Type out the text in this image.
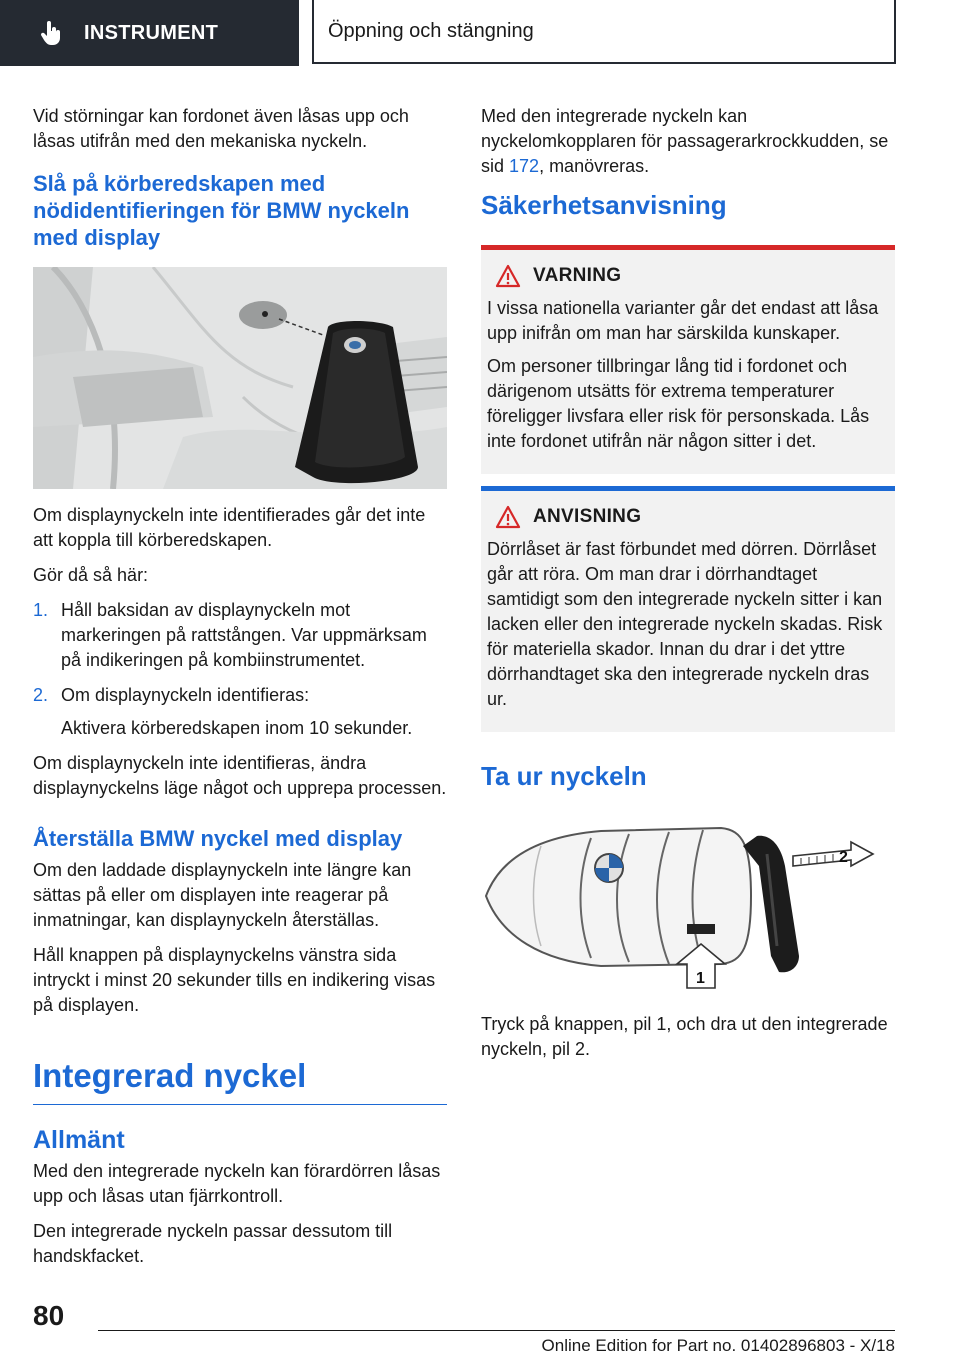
INSTRUMENT	Öppning och stängning

Vid störningar kan fordonet även låsas upp och låsas utifrån med den mekaniska nyckeln.

Slå på körberedskapen med nödidentifieringen för BMW nyckeln med display

Om displaynyckeln inte identifierades går det inte att koppla till körberedskapen.

Gör då så här:

1. Håll baksidan av displaynyckeln mot markeringen på rattstången. Var uppmärksam på indikeringen på kombiinstrumentet.
2. Om displaynyckeln identifieras:
Aktivera körberedskapen inom 10 sekunder.

Om displaynyckeln inte identifieras, ändra displaynyckelns läge något och upprepa processen.

Återställa BMW nyckel med display

Om den laddade displaynyckeln inte längre kan sättas på eller om displayen inte reagerar på inmatningar, kan displaynyckeln återställas.

Håll knappen på displaynyckelns vänstra sida intryckt i minst 20 sekunder tills en indikering visas på displayen.

Integrerad nyckel
Allmänt

Med den integrerade nyckeln kan förardörren låsas upp och låsas utan fjärrkontroll.

Den integrerade nyckeln passar dessutom till handskfacket.

Med den integrerade nyckeln kan nyckelomkopplaren för passagerarkrockkudden, se sid 172, manövreras.

Säkerhetsanvisning
VARNING

I vissa nationella varianter går det endast att låsa upp inifrån om man har särskilda kunskaper.

Om personer tillbringar lång tid i fordonet och därigenom utsätts för extrema temperaturer föreligger livsfara eller risk för personskada. Lås inte fordonet utifrån när någon sitter i det.

ANVISNING

Dörrlåset är fast förbundet med dörren. Dörrlåset går att röra. Om man drar i dörrhandtaget samtidigt som den integrerade nyckeln sitter i kan lacken eller den integrerade nyckeln skadas. Risk för materiella skador. Innan du drar i det yttre dörrhandtaget ska den integrerade nyckeln dras ur.

Ta ur nyckeln
2
1

Tryck på knappen, pil 1, och dra ut den integrerade nyckeln, pil 2.

80
Online Edition for Part no. 01402896803 - X/18
